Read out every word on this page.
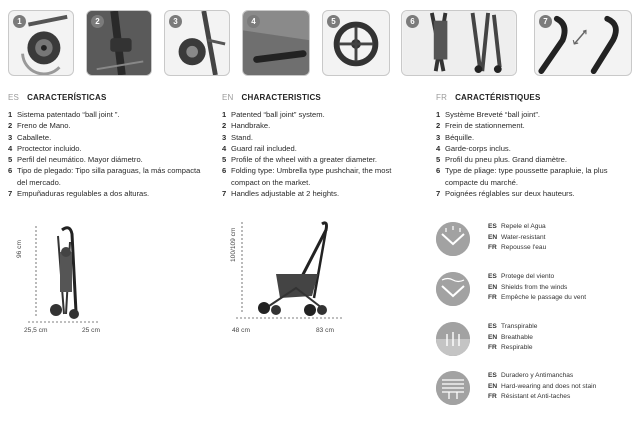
1	2	3	4	5	6	7
ES CARACTERÍSTICAS
1 Sistema patentado “ball joint ”.
2 Freno de Mano.
3 Caballete.
4 Proctector incluido.
5 Perfil del neumático. Mayor diámetro.
6 Tipo de plegado: Tipo silla paraguas, la más compacta del mercado.
7 Empuñaduras regulables a dos alturas.
EN CHARACTERISTICS
1 Patented “ball joint” system.
2 Handbrake.
3 Stand.
4 Guard rail included.
5 Profile of the wheel with a greater diameter.
6 Folding type: Umbrella type pushchair, the most compact on the market.
7 Handles adjustable at 2 heights.
FR CARACTÉRISTIQUES
1 Système Breveté “ball joint”.
2 Frein de stationnement.
3 Béquille.
4 Garde-corps inclus.
5 Profil du pneu plus. Grand diamètre.
6 Type de pliage: type poussette parapluie, la plus compacte du marché.
7 Poignées réglables sur deux hauteurs.
96 cm
25,5 cm	25 cm
100/109 cm
48 cm	83 cm
ES Repele el Agua
EN Water-resistant
FR Repousse l'eau
ES Protege del viento
EN Shields from the winds
FR Empêche le passage du vent
ES Transpirable
EN Breathable
FR Respirable
ES Duradero y Antimanchas
EN Hard-wearing and does not stain
FR Résistant et Anti-taches
